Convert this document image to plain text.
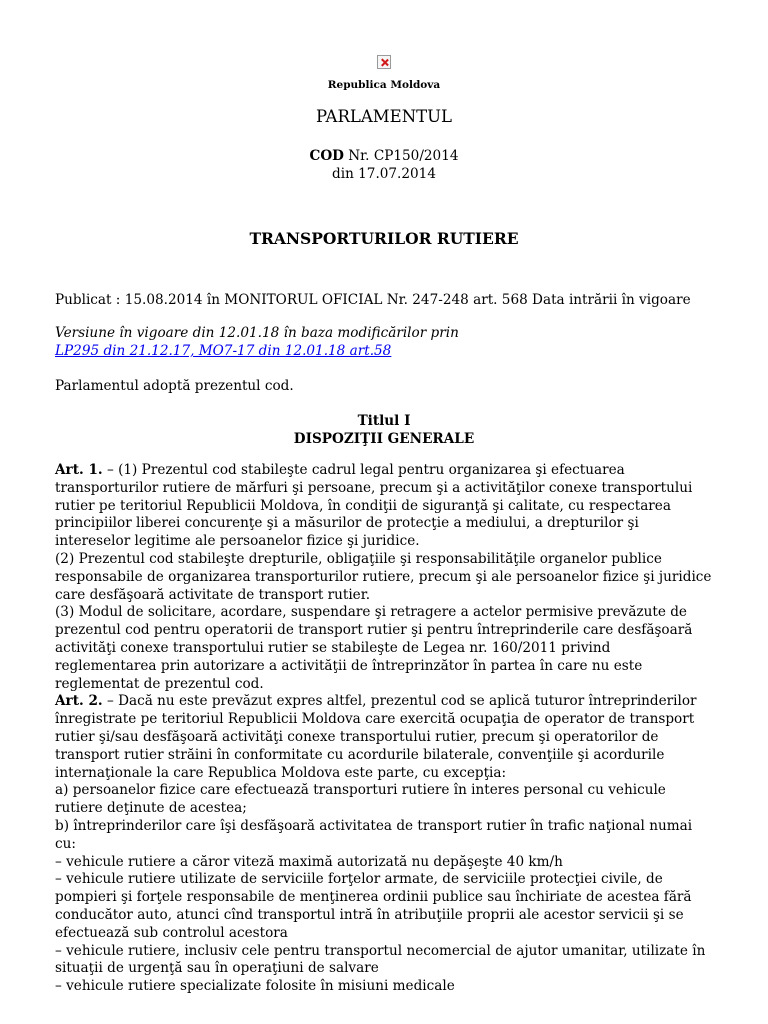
Republica Moldova
PARLAMENTUL
COD Nr. CP150/2014
din 17.07.2014
TRANSPORTURILOR RUTIERE
Publicat : 15.08.2014 în MONITORUL OFICIAL Nr. 247-248 art. 568 Data intrării în vigoare
Versiune în vigoare din 12.01.18 în baza modificărilor prin
LP295 din 21.12.17, MO7-17 din 12.01.18 art.58
Parlamentul adoptă prezentul cod.
Titlul I
DISPOZIŢII GENERALE

Art. 1. – (1) Prezentul cod stabileşte cadrul legal pentru organizarea şi efectuarea transporturilor rutiere de mărfuri şi persoane, precum şi a activităţilor conexe transportului rutier pe teritoriul Republicii Moldova, în condiţii de siguranţă şi calitate, cu respectarea principiilor liberei concurenţe şi a măsurilor de protecţie a mediului, a drepturilor şi intereselor legitime ale persoanelor fizice şi juridice.

(2) Prezentul cod stabileşte drepturile, obligaţiile şi responsabilităţile organelor publice responsabile de organizarea transporturilor rutiere, precum şi ale persoanelor fizice şi juridice care desfăşoară activitate de transport rutier.

(3) Modul de solicitare, acordare, suspendare şi retragere a actelor permisive prevăzute de prezentul cod pentru operatorii de transport rutier şi pentru întreprinderile care desfăşoară activităţi conexe transportului rutier se stabileşte de Legea nr. 160/2011 privind reglementarea prin autorizare a activităţii de întreprinzător în partea în care nu este reglementat de prezentul cod.

Art. 2. – Dacă nu este prevăzut expres altfel, prezentul cod se aplică tuturor întreprinderilor înregistrate pe teritoriul Republicii Moldova care exercită ocupaţia de operator de transport rutier şi/sau desfăşoară activităţi conexe transportului rutier, precum şi operatorilor de transport rutier străini în conformitate cu acordurile bilaterale, convenţiile şi acordurile internaţionale la care Republica Moldova este parte, cu excepţia:

a) persoanelor fizice care efectuează transporturi rutiere în interes personal cu vehicule rutiere deţinute de acestea;

b) întreprinderilor care îşi desfăşoară activitatea de transport rutier în trafic naţional numai cu:

– vehicule rutiere a căror viteză maximă autorizată nu depăşeşte 40 km/h

– vehicule rutiere utilizate de serviciile forţelor armate, de serviciile protecţiei civile, de pompieri şi forţele responsabile de menţinerea ordinii publice sau închiriate de acestea fără conducător auto, atunci cînd transportul intră în atribuţiile proprii ale acestor servicii şi se efectuează sub controlul acestora

– vehicule rutiere, inclusiv cele pentru transportul necomercial de ajutor umanitar, utilizate în situaţii de urgenţă sau în operaţiuni de salvare

– vehicule rutiere specializate folosite în misiuni medicale
